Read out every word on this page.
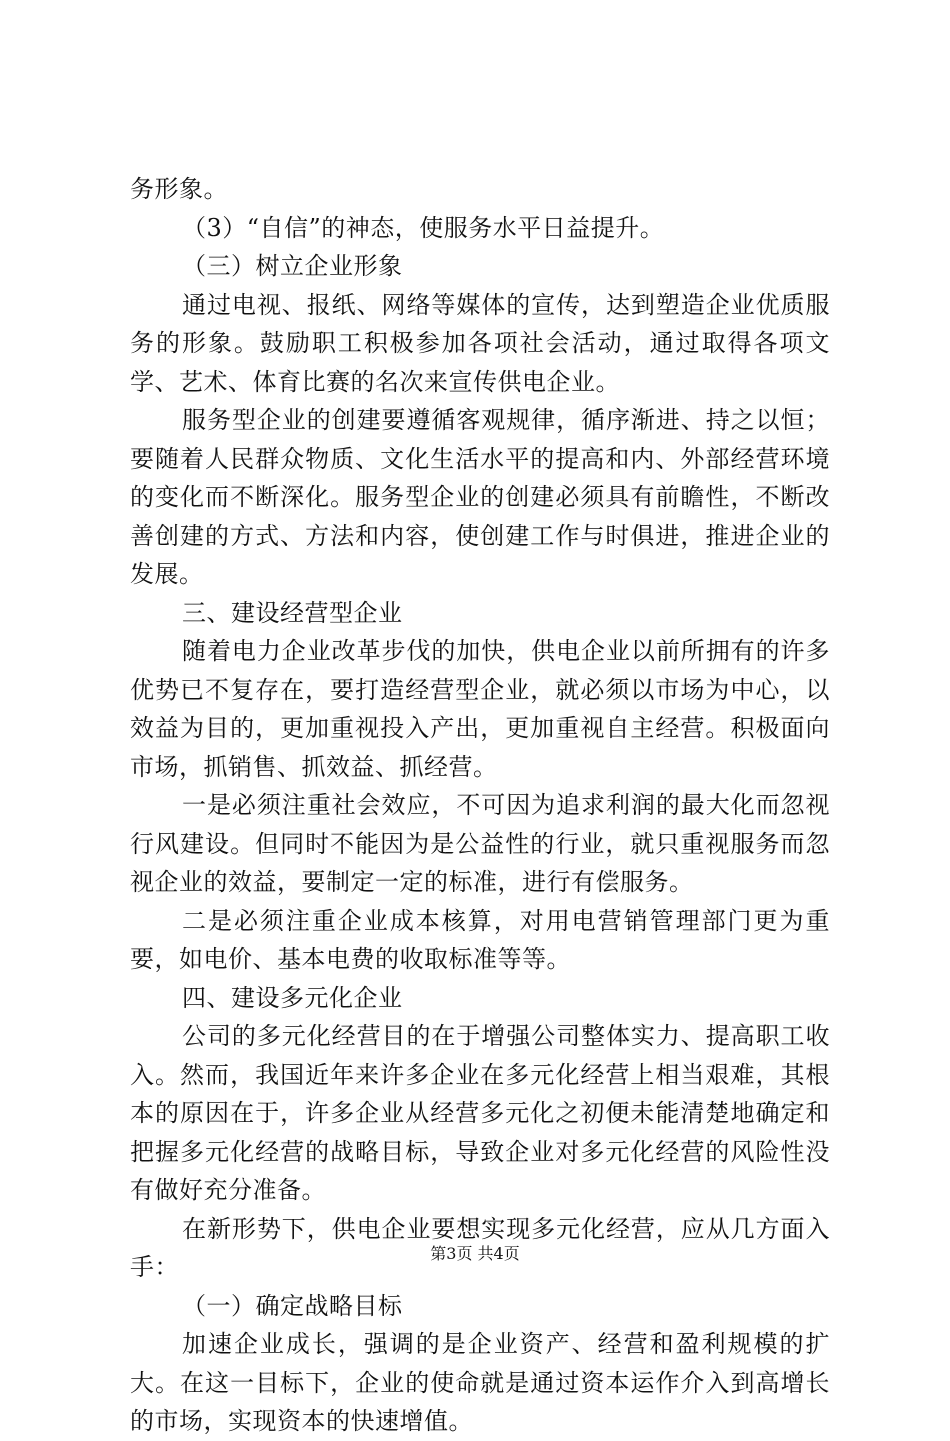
务形象。

（3）“自信”的神态，使服务水平日益提升。

（三）树立企业形象

通过电视、报纸、网络等媒体的宣传，达到塑造企业优质服务的形象。鼓励职工积极参加各项社会活动，通过取得各项文学、艺术、体育比赛的名次来宣传供电企业。

服务型企业的创建要遵循客观规律，循序渐进、持之以恒；要随着人民群众物质、文化生活水平的提高和内、外部经营环境的变化而不断深化。服务型企业的创建必须具有前瞻性，不断改善创建的方式、方法和内容，使创建工作与时俱进，推进企业的发展。

三、建设经营型企业

随着电力企业改革步伐的加快，供电企业以前所拥有的许多优势已不复存在，要打造经营型企业，就必须以市场为中心，以效益为目的，更加重视投入产出，更加重视自主经营。积极面向市场，抓销售、抓效益、抓经营。

一是必须注重社会效应，不可因为追求利润的最大化而忽视行风建设。但同时不能因为是公益性的行业，就只重视服务而忽视企业的效益，要制定一定的标准，进行有偿服务。

二是必须注重企业成本核算，对用电营销管理部门更为重要，如电价、基本电费的收取标准等等。

四、建设多元化企业

公司的多元化经营目的在于增强公司整体实力、提高职工收入。然而，我国近年来许多企业在多元化经营上相当艰难，其根本的原因在于，许多企业从经营多元化之初便未能清楚地确定和把握多元化经营的战略目标，导致企业对多元化经营的风险性没有做好充分准备。

在新形势下，供电企业要想实现多元化经营，应从几方面入手：

（一）确定战略目标

加速企业成长，强调的是企业资产、经营和盈利规模的扩大。在这一目标下，企业的使命就是通过资本运作介入到高增长的市场，实现资本的快速增值。

第3页 共4页
